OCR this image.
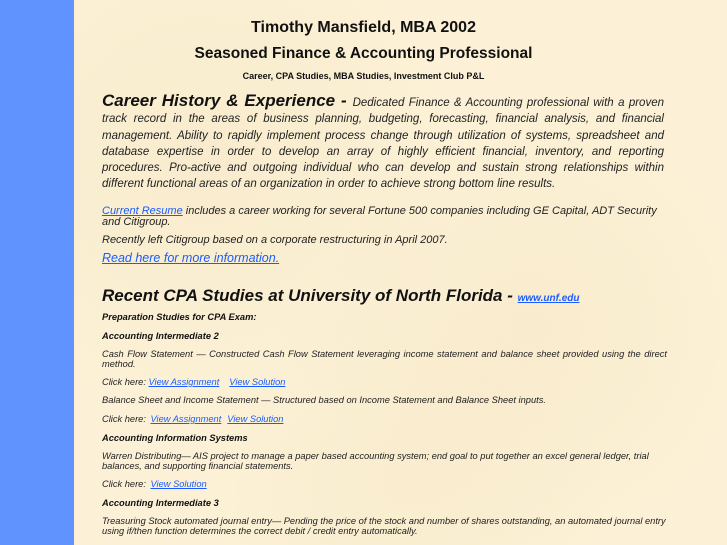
Timothy Mansfield, MBA 2002
Seasoned Finance & Accounting Professional
Career, CPA Studies, MBA Studies, Investment Club P&L
Career History & Experience - Dedicated Finance & Accounting professional with a proven track record in the areas of business planning, budgeting, forecasting, financial analysis, and financial management. Ability to rapidly implement process change through utilization of systems, spreadsheet and database expertise in order to develop an array of highly efficient financial, inventory, and reporting procedures. Pro-active and outgoing individual who can develop and sustain strong relationships within different functional areas of an organization in order to achieve strong bottom line results.
Current Resume includes a career working for several Fortune 500 companies including GE Capital, ADT Security and Citigroup.
Recently left Citigroup based on a corporate restructuring in April 2007.
Read here for more information.
Recent CPA Studies at University of North Florida - www.unf.edu
Preparation Studies for CPA Exam:
Accounting Intermediate 2
Cash Flow Statement — Constructed Cash Flow Statement leveraging income statement and balance sheet provided using the direct method.
Click here: View Assignment View Solution
Balance Sheet and Income Statement — Structured based on Income Statement and Balance Sheet inputs.
Click here: View Assignment View Solution
Accounting Information Systems
Warren Distributing— AIS project to manage a paper based accounting system; end goal to put together an excel general ledger, trial balances, and supporting financial statements.
Click here: View Solution
Accounting Intermediate 3
Treasuring Stock automated journal entry— Pending the price of the stock and number of shares outstanding, an automated journal entry using if/then function determines the correct debit / credit entry automatically.
